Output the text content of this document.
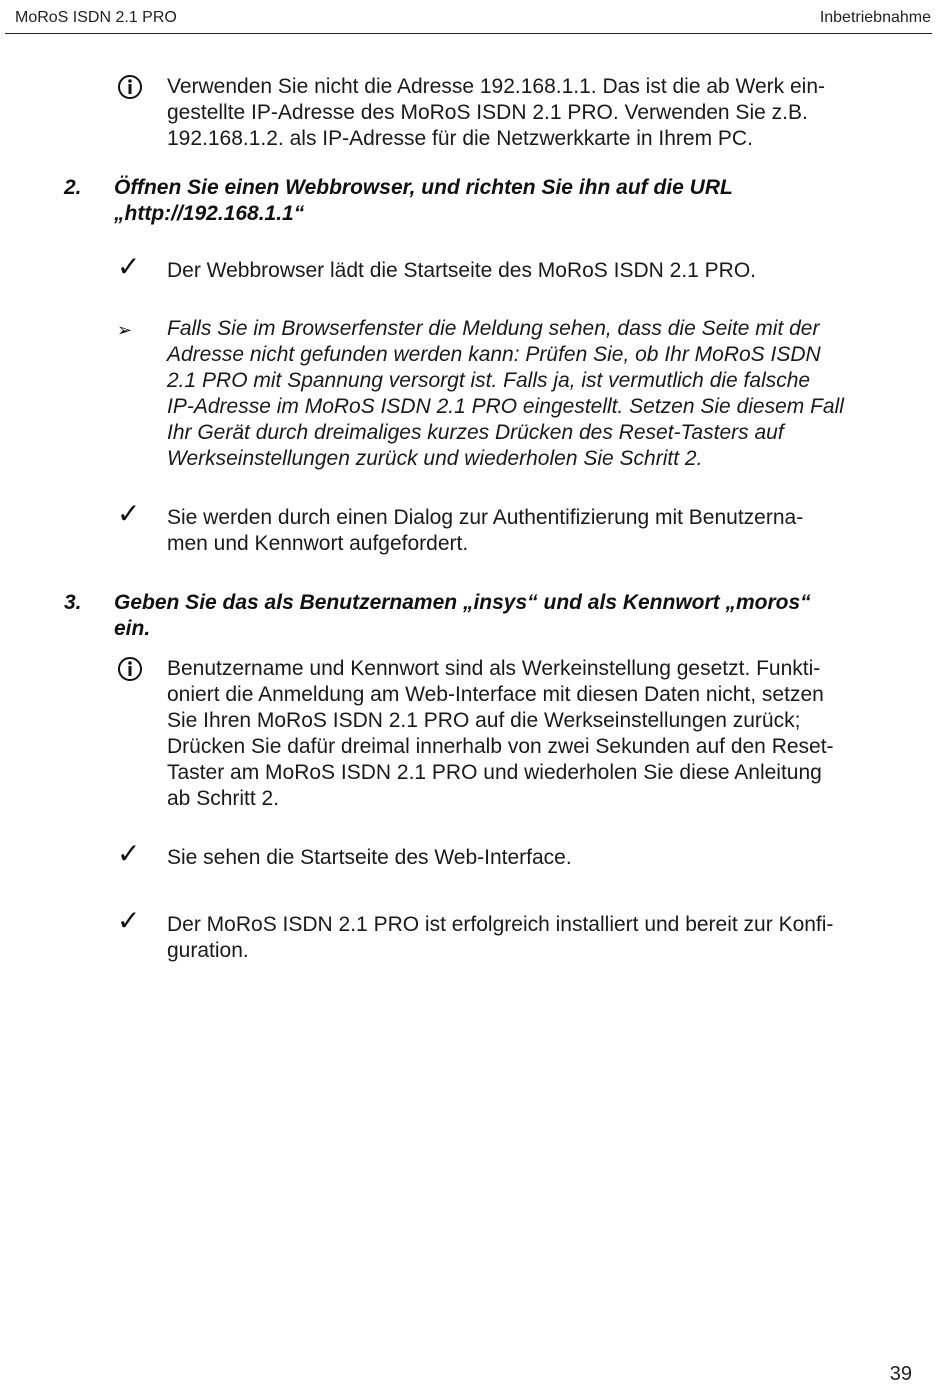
MoRoS ISDN 2.1 PRO	Inbetriebnahme
Verwenden Sie nicht die Adresse 192.168.1.1. Das ist die ab Werk ein-
gestellte IP-Adresse des MoRoS ISDN 2.1 PRO. Verwenden Sie z.B.
192.168.1.2. als IP-Adresse für die Netzwerkkarte in Ihrem PC.
2. Öffnen Sie einen Webbrowser, und richten Sie ihn auf die URL
„http://192.168.1.1“
✓ Der Webbrowser lädt die Startseite des MoRoS ISDN 2.1 PRO.
➢ Falls Sie im Browserfenster die Meldung sehen, dass die Seite mit der
Adresse nicht gefunden werden kann: Prüfen Sie, ob Ihr MoRoS ISDN
2.1 PRO mit Spannung versorgt ist. Falls ja, ist vermutlich die falsche
IP-Adresse im MoRoS ISDN 2.1 PRO eingestellt. Setzen Sie diesem Fall
Ihr Gerät durch dreimaliges kurzes Drücken des Reset-Tasters auf
Werkseinstellungen zurück und wiederholen Sie Schritt 2.
✓ Sie werden durch einen Dialog zur Authentifizierung mit Benutzerna-
men und Kennwort aufgefordert.
3. Geben Sie das als Benutzernamen „insys“ und als Kennwort „moros“
ein.
Benutzername und Kennwort sind als Werkeinstellung gesetzt. Funkti-
oniert die Anmeldung am Web-Interface mit diesen Daten nicht, setzen
Sie Ihren MoRoS ISDN 2.1 PRO auf die Werkseinstellungen zurück;
Drücken Sie dafür dreimal innerhalb von zwei Sekunden auf den Reset-
Taster am MoRoS ISDN 2.1 PRO und wiederholen Sie diese Anleitung
ab Schritt 2.
✓ Sie sehen die Startseite des Web-Interface.
✓ Der MoRoS ISDN 2.1 PRO ist erfolgreich installiert und bereit zur Konfi-
guration.
39
